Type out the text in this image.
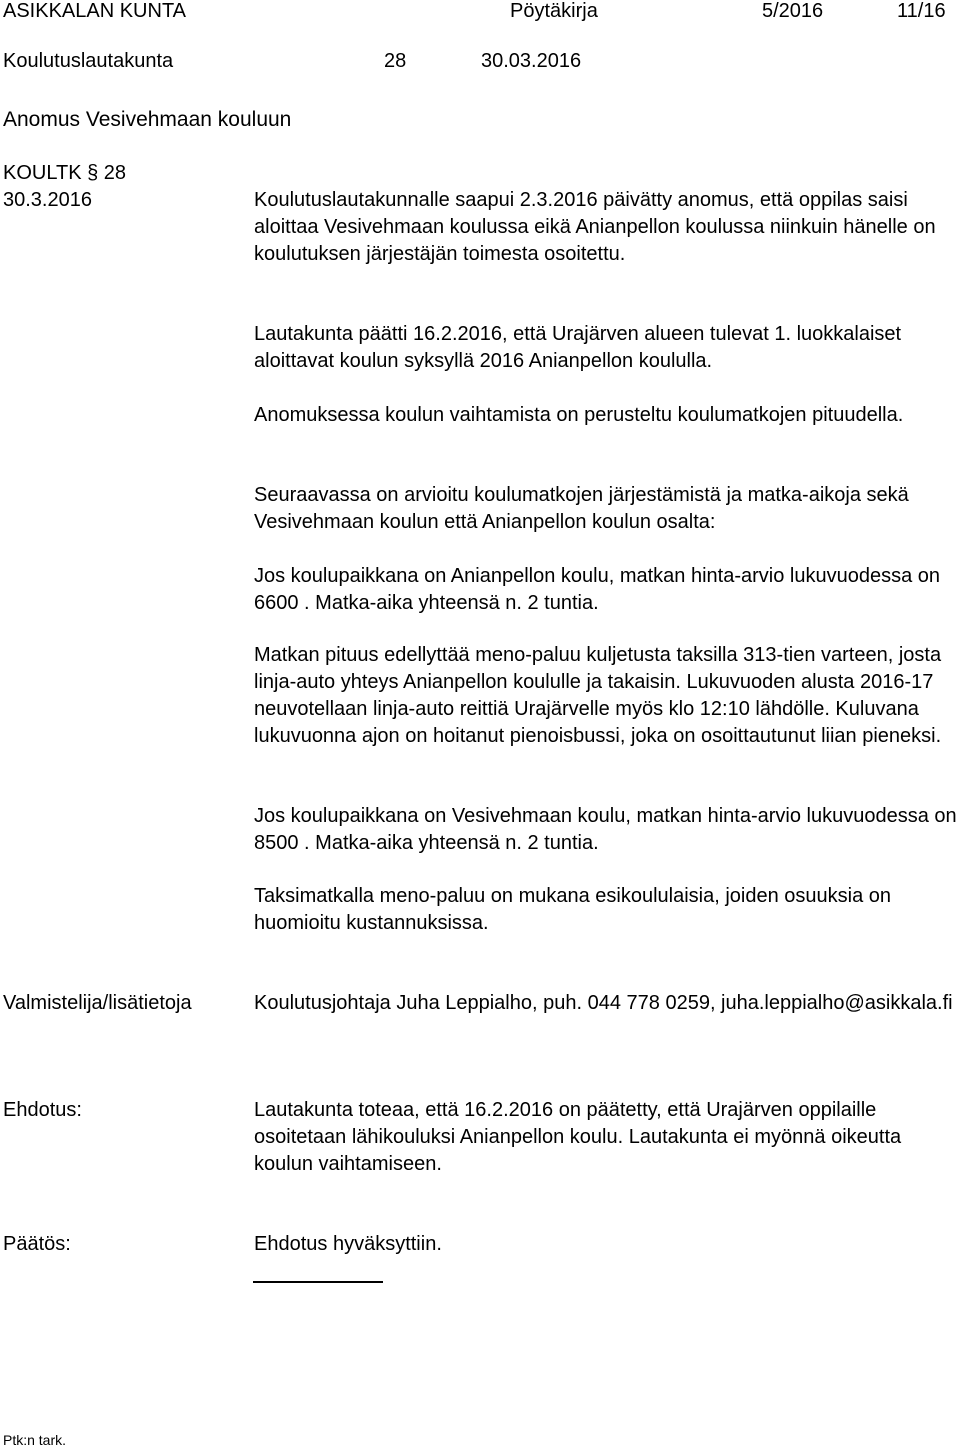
ASIKKALAN KUNTA	Pöytäkirja	5/2016	11/16
Koulutuslautakunta	28	30.03.2016
Anomus Vesivehmaan kouluun
KOULTK § 28
30.3.2016	Koulutuslautakunnalle saapui 2.3.2016 päivätty anomus, että oppilas saisi aloittaa Vesivehmaan koulussa eikä Anianpellon koulussa niinkuin hänelle on koulutuksen järjestäjän toimesta osoitettu.

Lautakunta päätti 16.2.2016, että Urajärven alueen tulevat 1. luokkalaiset aloittavat koulun syksyllä 2016 Anianpellon koululla.

Anomuksessa koulun vaihtamista on perusteltu koulumatkojen pituudella.

Seuraavassa on arvioitu koulumatkojen järjestämistä ja matka-aikoja sekä Vesivehmaan koulun että Anianpellon koulun osalta:

Jos koulupaikkana on Anianpellon koulu, matkan hinta-arvio lukuvuodessa on 6600 . Matka-aika yhteensä n. 2 tuntia.

Matkan pituus edellyttää meno-paluu kuljetusta taksilla 313-tien varteen, josta linja-auto yhteys Anianpellon koululle ja takaisin. Lukuvuoden alusta 2016-17 neuvotellaan linja-auto reittiä Urajärvelle myös klo 12:10 lähdölle. Kuluvana lukuvuonna ajon on hoitanut pienoisbussi, joka on osoittautunut liian pieneksi.

Jos koulupaikkana on Vesivehmaan koulu, matkan hinta-arvio lukuvuodessa on 8500 . Matka-aika yhteensä n. 2 tuntia.

Taksimatkalla meno-paluu on mukana esikoululaisia, joiden osuuksia on huomioitu kustannuksissa.

Valmistelija/lisätietoja	Koulutusjohtaja Juha Leppialho, puh. 044 778 0259, juha.leppialho@asikkala.fi

Ehdotus:	Lautakunta toteaa, että 16.2.2016 on päätetty, että Urajärven oppilaille osoitetaan lähikouluksi Anianpellon koulu. Lautakunta ei myönnä oikeutta koulun vaihtamiseen.

Päätös:	Ehdotus hyväksyttiin.

Ptk:n tark.
